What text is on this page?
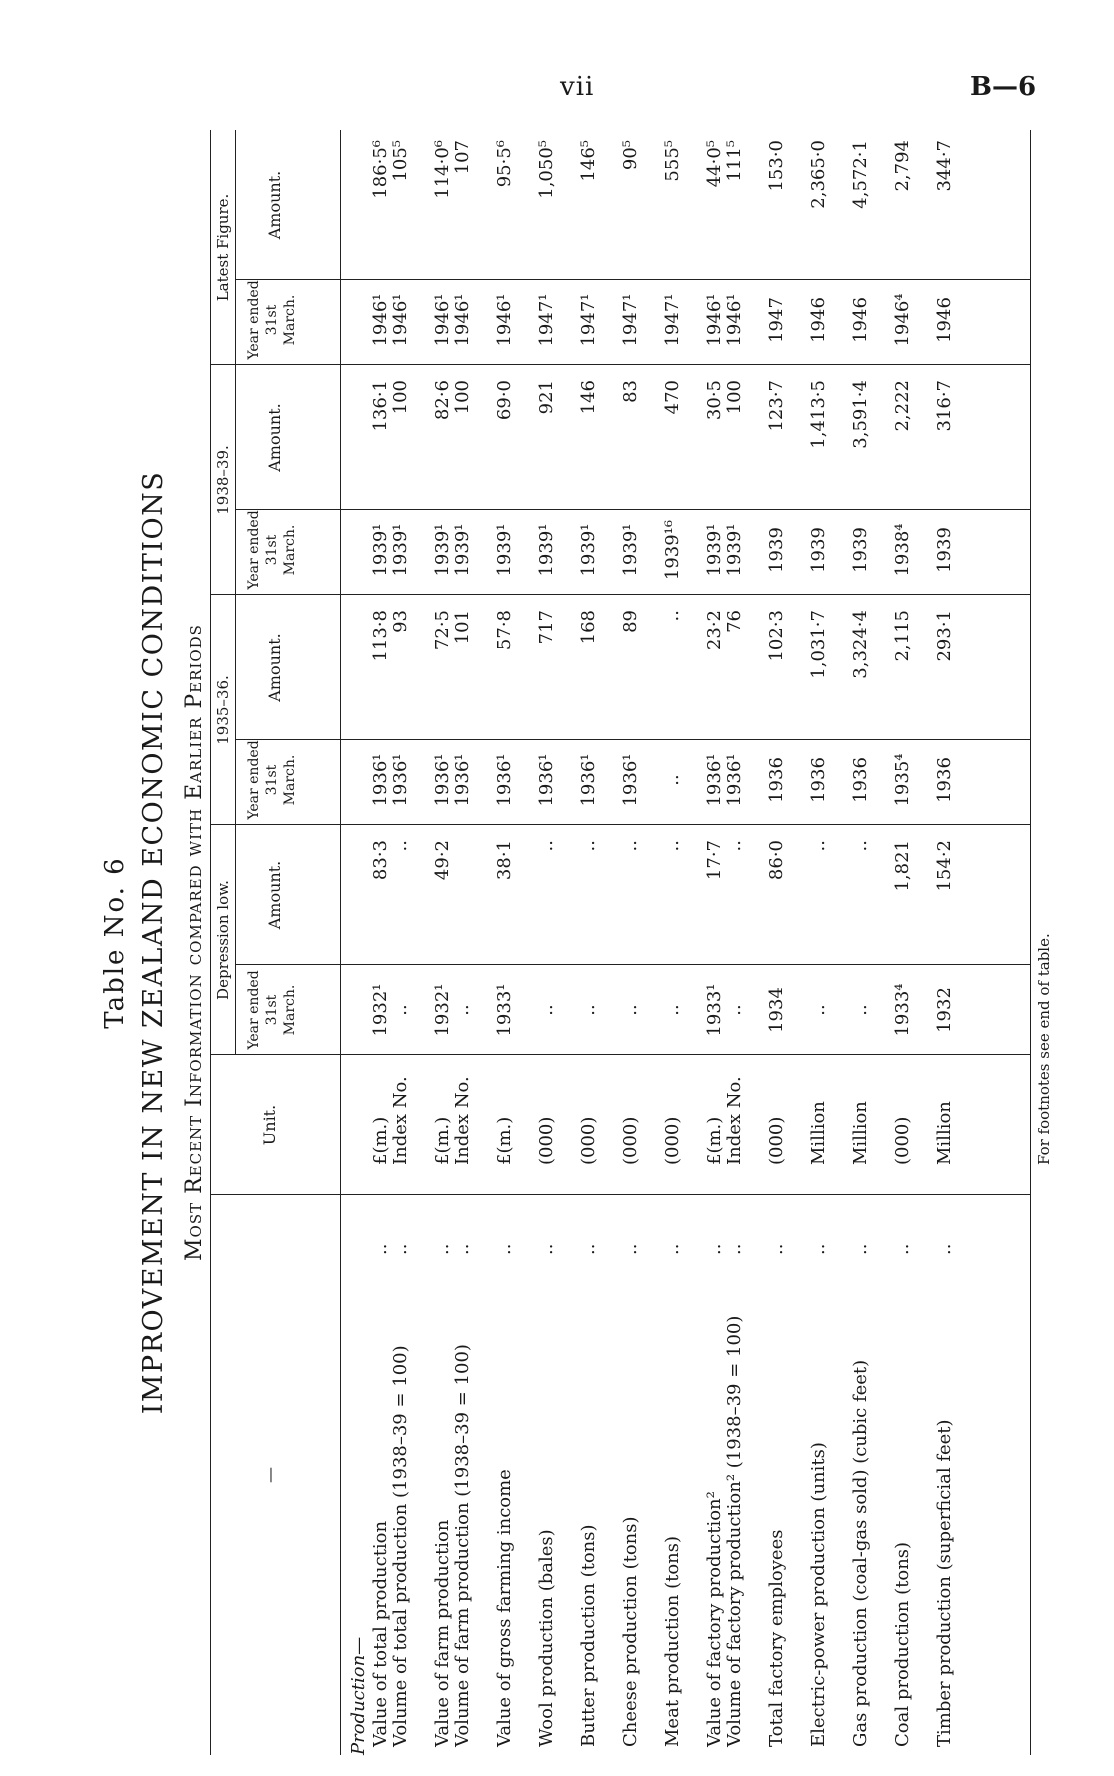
vii	B—6
Table No. 6 IMPROVEMENT IN NEW ZEALAND ECONOMIC CONDITIONS Most Recent Information compared with Earlier Periods
—
Unit.
Depression low.
1935–36.
1938–39.
Latest Figure.
Year ended 31st March.
Amount.
Year ended 31st March.
Amount.
Year ended 31st March.
Amount.
Year ended 31st March.
Amount.
Production— Value of total production
..
£(m.)
1932¹
83·3
1936¹
113·8
1939¹
136·1
1946¹
186·5⁶
Volume of total production (1938–39 = 100)
..
Index No.
..
..
1936¹
93
1939¹
100
1946¹
105⁵
Value of farm production
..
£(m.)
1932¹
49·2
1936¹
72·5
1939¹
82·6
1946¹
114·0⁶
Volume of farm production (1938–39 = 100)
..
Index No.
..
1936¹
101
1939¹
100
1946¹
107
Value of gross farming income
..
£(m.)
1933¹
38·1
1936¹
57·8
1939¹
69·0
1946¹
95·5⁶
Wool production (bales)
..
(000)
..
..
1936¹
717
1939¹
921
1947¹
1,050⁵
Butter production (tons)
..
(000)
..
..
1936¹
168
1939¹
146
1947¹
146⁵
Cheese production (tons)
..
(000)
..
..
1936¹
89
1939¹
83
1947¹
90⁵
Meat production (tons)
..
(000)
..
..
..
..
1939¹⁶
470
1947¹
555⁵
Value of factory production²
..
£(m.)
1933¹
17·7
1936¹
23·2
1939¹
30·5
1946¹
44·0⁵
Volume of factory production² (1938–39 = 100)
..
Index No.
..
..
1936¹
76
1939¹
100
1946¹
111⁵
Total factory employees
..
(000)
1934
86·0
1936
102·3
1939
123·7
1947
153·0
Electric-power production (units)
..
Million
..
..
1936
1,031·7
1939
1,413·5
1946
2,365·0
Gas production (coal-gas sold) (cubic feet)
..
Million
..
..
1936
3,324·4
1939
3,591·4
1946
4,572·1
Coal production (tons)
..
(000)
1933⁴
1,821
1935⁴
2,115
1938⁴
2,222
1946⁴
2,794
Timber production (superficial feet)
..
Million
1932
154·2
1936
293·1
1939
316·7
1946
344·7
For footnotes see end of table.
